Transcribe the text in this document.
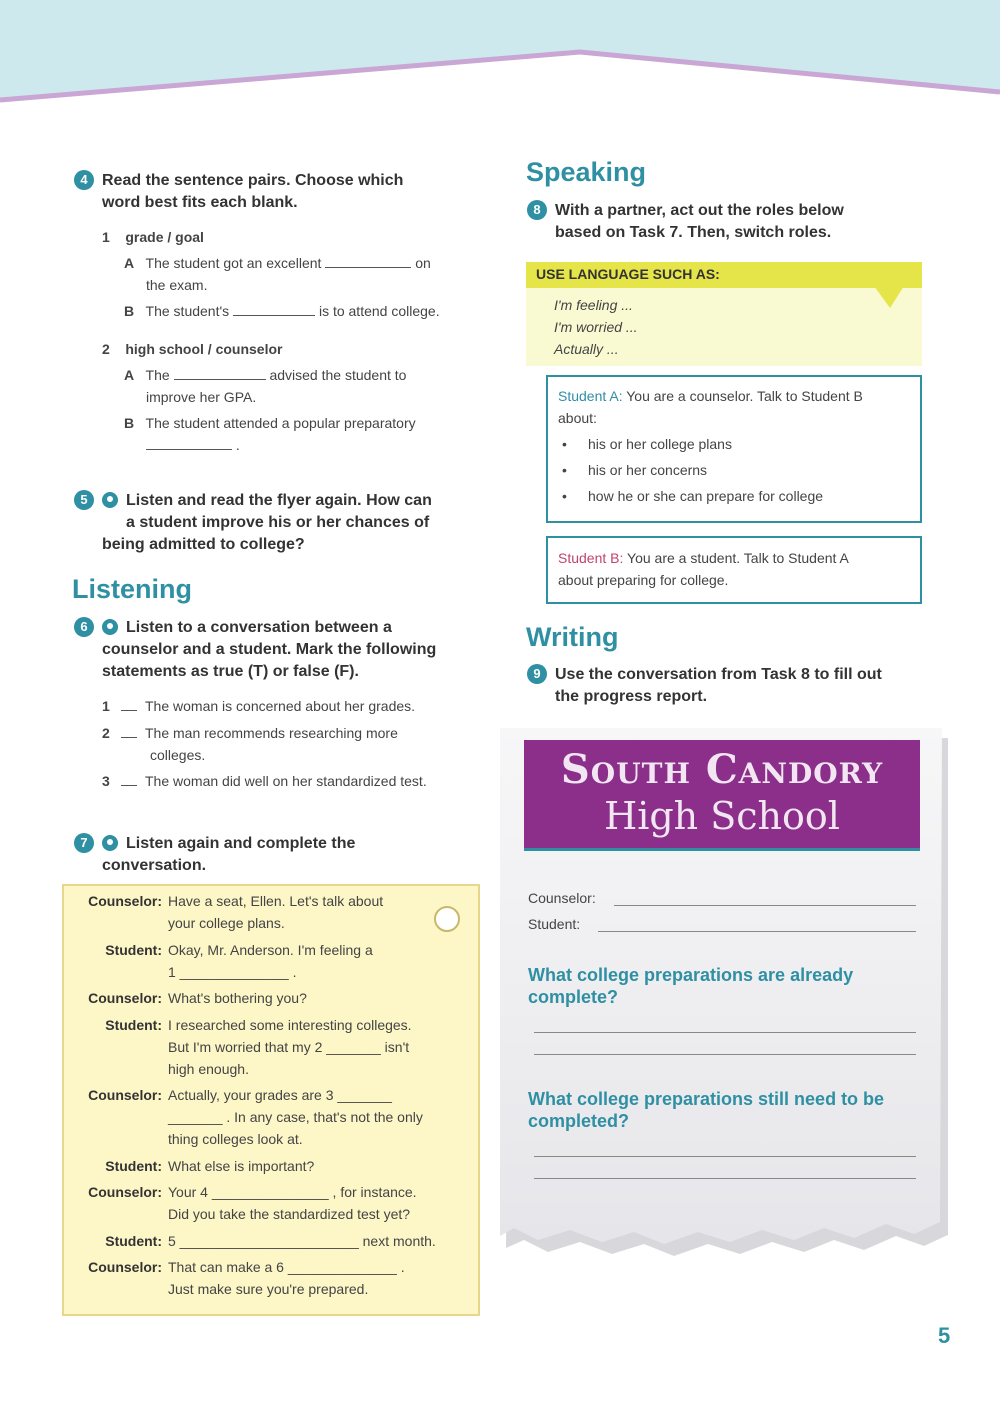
4 Read the sentence pairs. Choose which
word best fits each blank.
1 grade / goal
A The student got an excellent	on
the exam.
B The student's	is to attend college.
2 high school / counselor
A The	advised the student to
improve her GPA.
B The student attended a popular preparatory
.
5 Listen and read the flyer again. How can
a student improve his or her chances of
being admitted to college?
Listening
6 Listen to a conversation between a
counselor and a student. Mark the following
statements as true (T) or false (F).
1	The woman is concerned about her grades.
2	The man recommends researching more
colleges.
3	The woman did well on her standardized test.
7 Listen again and complete the
conversation.
Counselor: Have a seat, Ellen. Let's talk about
your college plans.
Student: Okay, Mr. Anderson. I'm feeling a
1 ______________ .
Counselor: What's bothering you?
Student: I researched some interesting colleges.
But I'm worried that my 2 _______ isn't
high enough.
Counselor: Actually, your grades are 3 _______
_______ . In any case, that's not the only
thing colleges look at.
Student: What else is important?
Counselor: Your 4 _______________ , for instance.
Did you take the standardized test yet?
Student: 5 _______________________ next month.
Counselor: That can make a 6 ______________ .
Just make sure you're prepared.
Speaking
8 With a partner, act out the roles below
based on Task 7. Then, switch roles.
USE LANGUAGE SUCH AS:
I'm feeling ...
I'm worried ...
Actually ...
Student A: You are a counselor. Talk to Student B
about:
• his or her college plans
• his or her concerns
• how he or she can prepare for college
Student B: You are a student. Talk to Student A
about preparing for college.
Writing
9 Use the conversation from Task 8 to fill out
the progress report.
South Candory
High School
Counselor:
Student:
What college preparations are already
complete?
What college preparations still need to be
completed?
5
